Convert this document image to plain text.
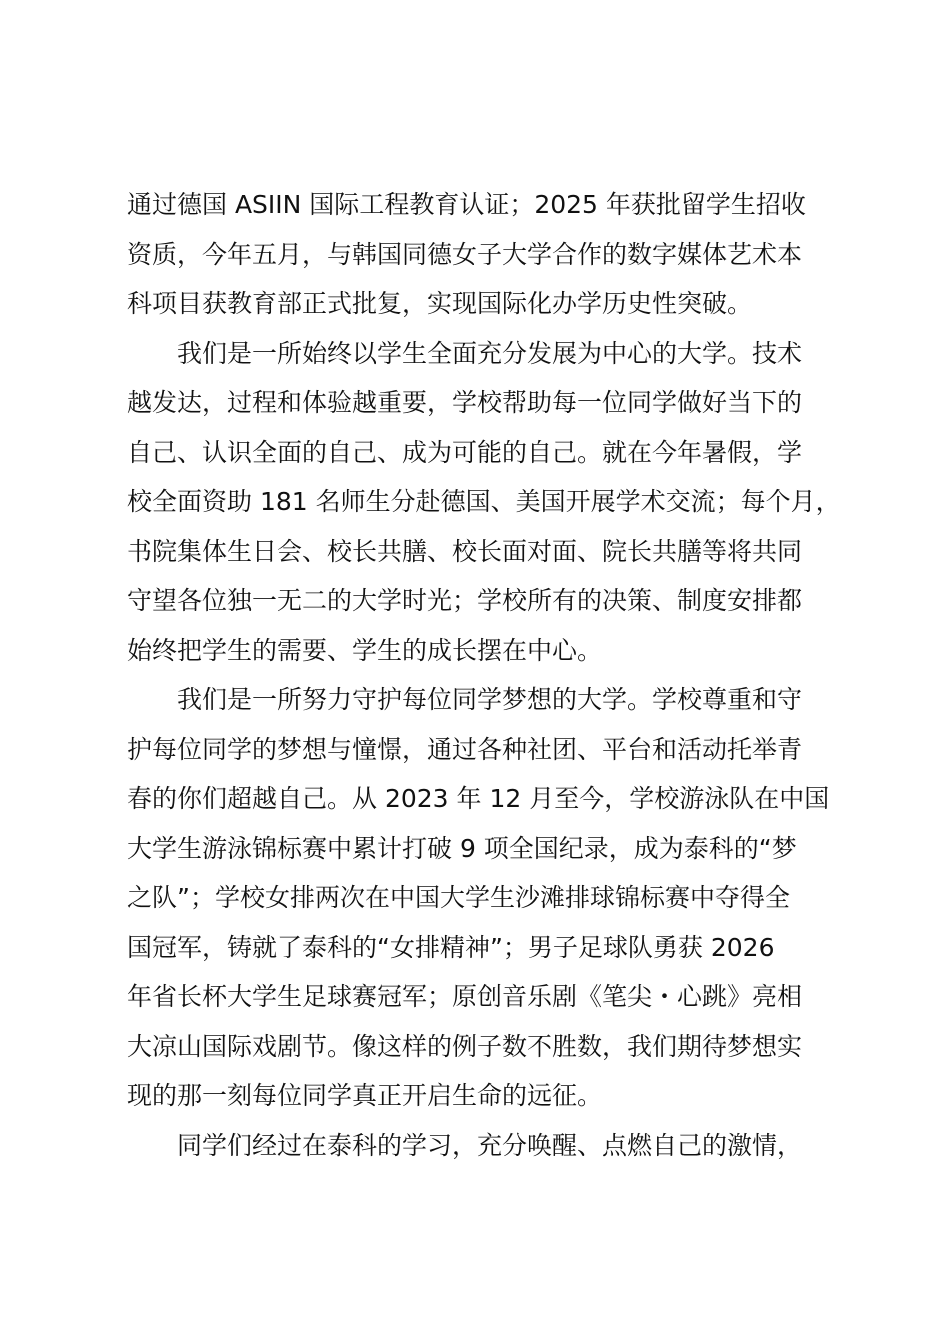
通过德国 ASIIN 国际工程教育认证；2025 年获批留学生招收
资质，今年五月，与韩国同德女子大学合作的数字媒体艺术本
科项目获教育部正式批复，实现国际化办学历史性突破。
我们是一所始终以学生全面充分发展为中心的大学。技术
越发达，过程和体验越重要，学校帮助每一位同学做好当下的
自己、认识全面的自己、成为可能的自己。就在今年暑假，学
校全面资助 181 名师生分赴德国、美国开展学术交流；每个月，
书院集体生日会、校长共膳、校长面对面、院长共膳等将共同
守望各位独一无二的大学时光；学校所有的决策、制度安排都
始终把学生的需要、学生的成长摆在中心。
我们是一所努力守护每位同学梦想的大学。学校尊重和守
护每位同学的梦想与憧憬，通过各种社团、平台和活动托举青
春的你们超越自己。从 2023 年 12 月至今，学校游泳队在中国
大学生游泳锦标赛中累计打破 9 项全国纪录，成为泰科的“梦
之队”；学校女排两次在中国大学生沙滩排球锦标赛中夺得全
国冠军，铸就了泰科的“女排精神”；男子足球队勇获 2026
年省长杯大学生足球赛冠军；原创音乐剧《笔尖・心跳》亮相
大凉山国际戏剧节。像这样的例子数不胜数，我们期待梦想实
现的那一刻每位同学真正开启生命的远征。
同学们经过在泰科的学习，充分唤醒、点燃自己的激情，
